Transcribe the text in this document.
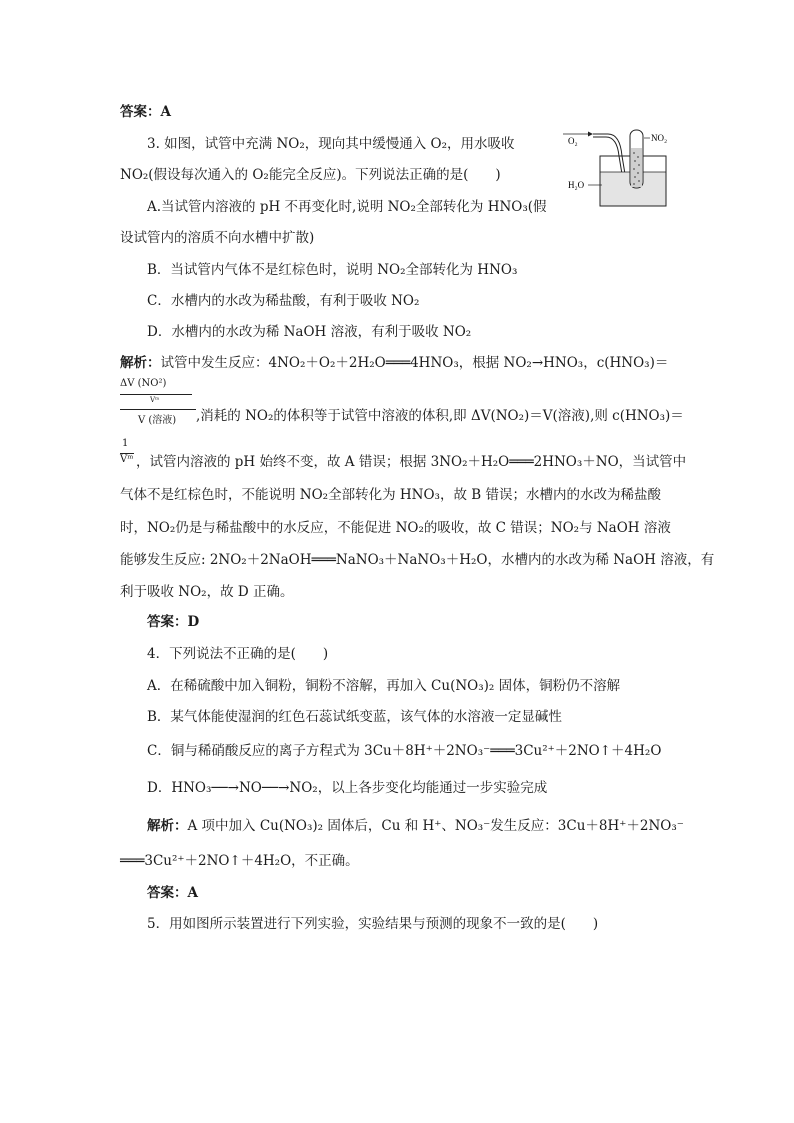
答案：A
3. 如图，试管中充满 NO₂，现向其中缓慢通入 O₂，用水吸收
NO₂(假设每次通入的 O₂能完全反应)。下列说法正确的是(　　)
A.当试管内溶液的 pH 不再变化时,说明 NO₂全部转化为 HNO₃(假
设试管内的溶质不向水槽中扩散)
B．当试管内气体不是红棕色时，说明 NO₂全部转化为 HNO₃
C．水槽内的水改为稀盐酸，有利于吸收 NO₂
D．水槽内的水改为稀 NaOH 溶液，有利于吸收 NO₂
O₂	NO₂
H₂O
解析：试管中发生反应：4NO₂＋O₂＋2H₂O═══4HNO₃，根据 NO₂→HNO₃，c(HNO₃)＝
ΔV (NO²)
Vᵐ
V (溶液) ,消耗的 NO₂的体积等于试管中溶液的体积,即 ΔV(NO₂)＝V(溶液),则 c(HNO₃)＝
1
Vᵐ ，试管内溶液的 pH 始终不变，故 A 错误；根据 3NO₂＋H₂O═══2HNO₃＋NO，当试管中
气体不是红棕色时，不能说明 NO₂全部转化为 HNO₃，故 B 错误；水槽内的水改为稀盐酸
时，NO₂仍是与稀盐酸中的水反应，不能促进 NO₂的吸收，故 C 错误；NO₂与 NaOH 溶液
能够发生反应: 2NO₂＋2NaOH═══NaNO₃＋NaNO₃＋H₂O，水槽内的水改为稀 NaOH 溶液，有
利于吸收 NO₂，故 D 正确。
答案：D
4．下列说法不正确的是(　　)
A．在稀硫酸中加入铜粉，铜粉不溶解，再加入 Cu(NO₃)₂ 固体，铜粉仍不溶解
B．某气体能使湿润的红色石蕊试纸变蓝，该气体的水溶液一定显碱性
C．铜与稀硝酸反应的离子方程式为 3Cu＋8H⁺＋2NO₃⁻═══3Cu²⁺＋2NO↑＋4H₂O
D．HNO₃──→NO──→NO₂，以上各步变化均能通过一步实验完成
解析：A 项中加入 Cu(NO₃)₂ 固体后，Cu 和 H⁺、NO₃⁻发生反应：3Cu＋8H⁺＋2NO₃⁻
═══3Cu²⁺＋2NO↑＋4H₂O，不正确。
答案：A
5．用如图所示装置进行下列实验，实验结果与预测的现象不一致的是(　　)
